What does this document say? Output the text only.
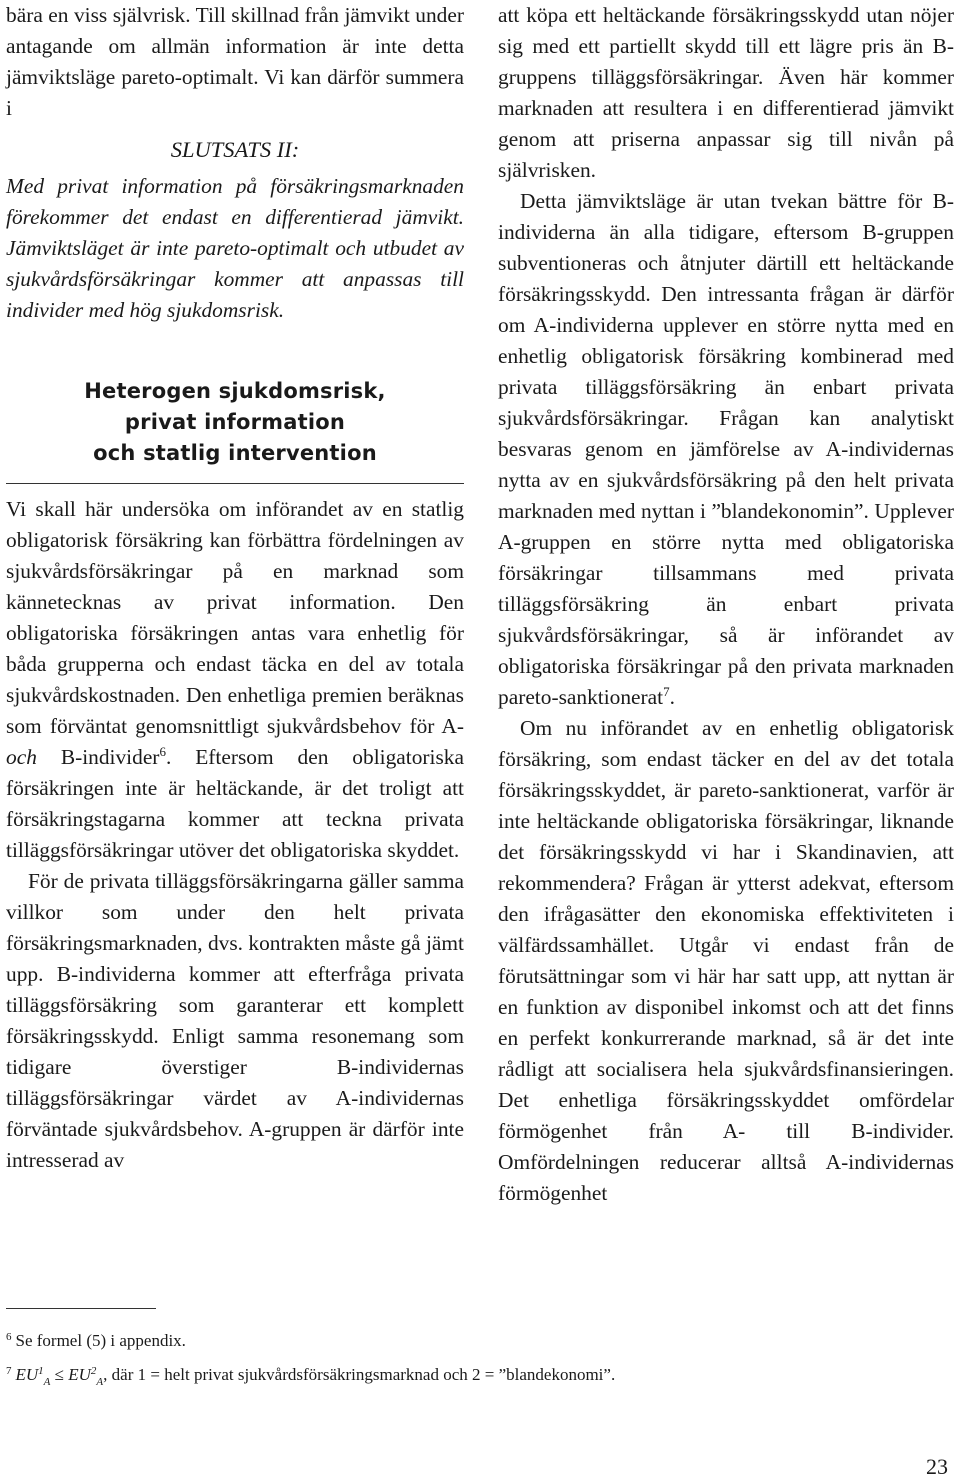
bära en viss självrisk. Till skillnad från jämvikt under antagande om allmän information är inte detta jämviktsläge pareto-optimalt. Vi kan därför summera i

SLUTSATS II:

Med privat information på försäkringsmarknaden förekommer det endast en differentierad jämvikt. Jämviktsläget är inte pareto-optimalt och utbudet av sjukvårdsförsäkringar kommer att anpassas till individer med hög sjukdomsrisk.

Heterogen sjukdomsrisk,
privat information
och statlig intervention

Vi skall här undersöka om införandet av en statlig obligatorisk försäkring kan förbättra fördelningen av sjukvårdsförsäkringar på en marknad som kännetecknas av privat information. Den obligatoriska försäkringen antas vara enhetlig för båda grupperna och endast täcka en del av totala sjukvårdskostnaden. Den enhetliga premien beräknas som förväntat genomsnittligt sjukvårdsbehov för A- och B-individer$^6$. Eftersom den obligatoriska försäkringen inte är heltäckande, är det troligt att försäkringstagarna kommer att teckna privata tilläggsförsäkringar utöver det obligatoriska skyddet.

För de privata tilläggsförsäkringarna gäller samma villkor som under den helt privata försäkringsmarknaden, dvs. kontrakten måste gå jämt upp. B-individerna kommer att efterfråga privata tilläggsförsäkring som garanterar ett komplett försäkringsskydd. Enligt samma resonemang som tidigare överstiger B-individernas tilläggsförsäkringar värdet av A-individernas förväntade sjukvårdsbehov. A-gruppen är därför inte intresserad av

att köpa ett heltäckande försäkringsskydd utan nöjer sig med ett partiellt skydd till ett lägre pris än B-gruppens tilläggsförsäkringar. Även här kommer marknaden att resultera i en differentierad jämvikt genom att priserna anpassar sig till nivån på självrisken.

Detta jämviktsläge är utan tvekan bättre för B-individerna än alla tidigare, eftersom B-gruppen subventioneras och åtnjuter därtill ett heltäckande försäkringsskydd. Den intressanta frågan är därför om A-individerna upplever en större nytta med en enhetlig obligatorisk försäkring kombinerad med privata tilläggsförsäkring än enbart privata sjukvårdsförsäkringar. Frågan kan analytiskt besvaras genom en jämförelse av A-individernas nytta av en sjukvårdsförsäkring på den helt privata marknaden med nyttan i ”blandekonomin”. Upplever A-gruppen en större nytta med obligatoriska försäkringar tillsammans med privata tilläggsförsäkring än enbart privata sjukvårdsförsäkringar, så är införandet av obligatoriska försäkringar på den privata marknaden pareto-sanktionerat$^7$.

Om nu införandet av en enhetlig obligatorisk försäkring, som endast täcker en del av det totala försäkringsskyddet, är pareto-sanktionerat, varför är inte heltäckande obligatoriska försäkringar, liknande det försäkringsskydd vi har i Skandinavien, att rekommendera? Frågan är ytterst adekvat, eftersom den ifrågasätter den ekonomiska effektiviteten i välfärdssamhället. Utgår vi endast från de förutsättningar som vi här har satt upp, att nyttan är en funktion av disponibel inkomst och att det finns en perfekt konkurrerande marknad, så är det inte rådligt att socialisera hela sjukvårdsfinansieringen. Det enhetliga försäkringsskyddet omfördelar förmögenhet från A- till B-individer. Omfördelningen reducerar alltså A-individernas förmögenhet

$^6$ Se formel (5) i appendix.

$^7$ $EU^1_A \le EU^2_A$, där 1 = helt privat sjukvårdsförsäkringsmarknad och 2 = ”blandekonomi”.

23
